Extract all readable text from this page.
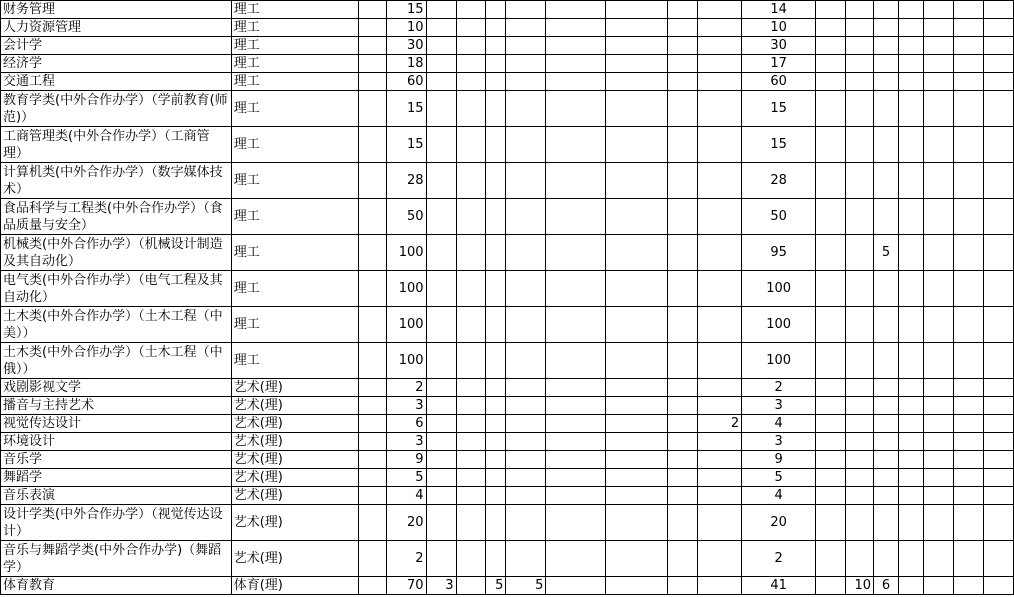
财务管理	理工		15									14							
人力资源管理	理工		10									10							
会计学	理工		30									30							
经济学	理工		18									17							
交通工程	理工		60									60							
教育学类(中外合作办学）（学前教育(师范)）	理工		15									15							
工商管理类(中外合作办学）（工商管理）	理工		15									15							
计算机类(中外合作办学）（数字媒体技术）	理工		28									28							
食品科学与工程类(中外合作办学）（食品质量与安全）	理工		50									50							
机械类(中外合作办学）（机械设计制造及其自动化）	理工		100									95			5				
电气类(中外合作办学）（电气工程及其自动化）	理工		100									100							
土木类(中外合作办学）（土木工程（中美））	理工		100									100							
土木类(中外合作办学）（土木工程（中俄））	理工		100									100							
戏剧影视文学	艺术(理)		2									2							
播音与主持艺术	艺术(理)		3									3							
视觉传达设计	艺术(理)		6								2	4							
环境设计	艺术(理)		3									3							
音乐学	艺术(理)		9									9							
舞蹈学	艺术(理)		5									5							
音乐表演	艺术(理)		4									4							
设计学类(中外合作办学）（视觉传达设计）	艺术(理)		20									20							
音乐与舞蹈学类(中外合作办学)（舞蹈学）	艺术(理)		2									2							
体育教育	体育(理)		70	3		5	5					41		10	6				
